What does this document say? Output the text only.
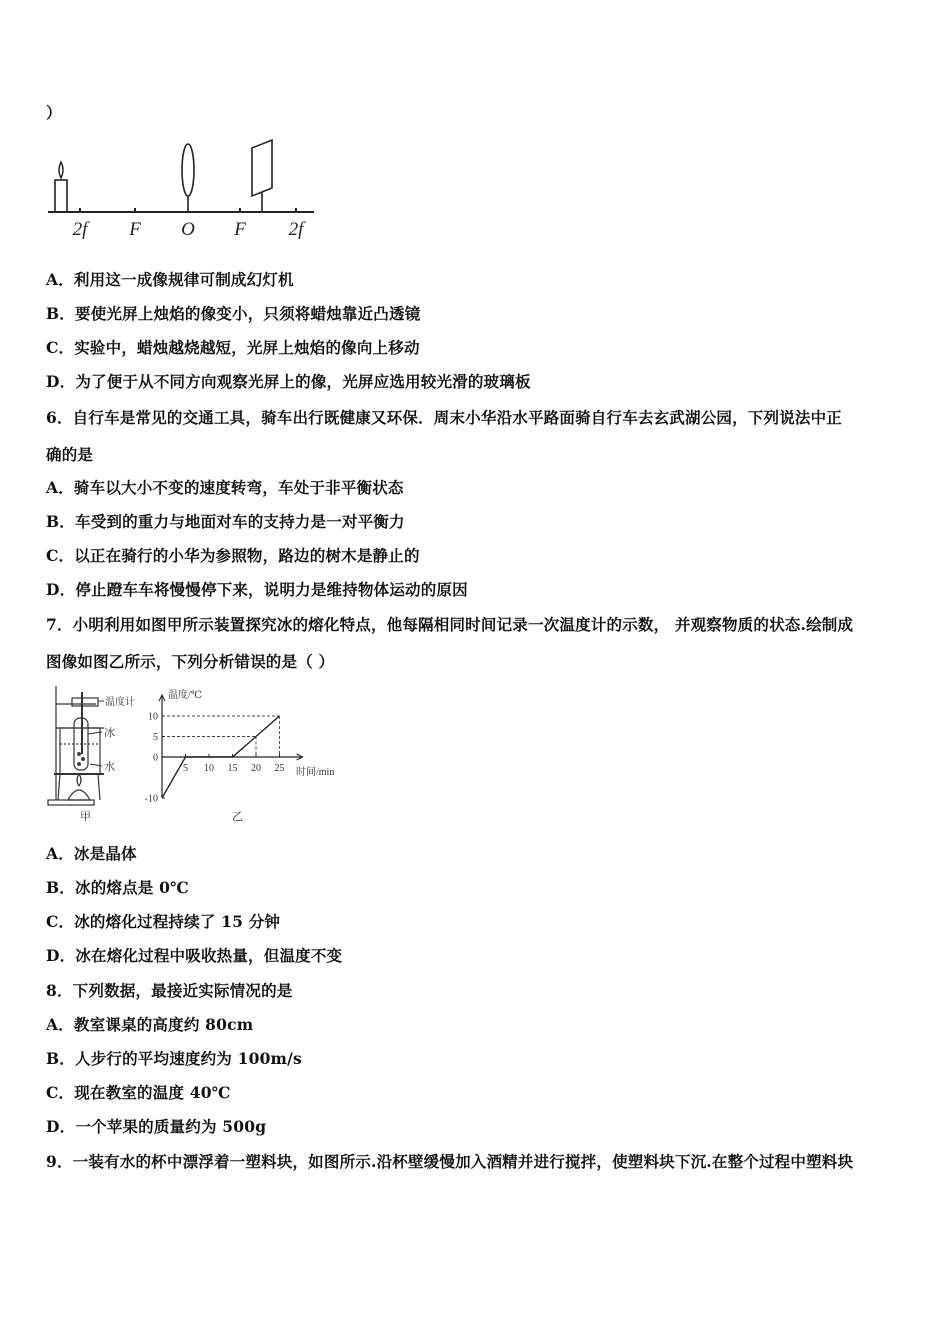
）
2f F O F 2f
A．利用这一成像规律可制成幻灯机
B．要使光屏上烛焰的像变小，只须将蜡烛靠近凸透镜
C．实验中，蜡烛越烧越短，光屏上烛焰的像向上移动
D．为了便于从不同方向观察光屏上的像，光屏应选用较光滑的玻璃板
6．自行车是常见的交通工具，骑车出行既健康又环保．周末小华沿水平路面骑自行车去玄武湖公园，下列说法中正
确的是
A．骑车以大小不变的速度转弯，车处于非平衡状态
B．车受到的重力与地面对车的支持力是一对平衡力
C．以正在骑行的小华为参照物，路边的树木是静止的
D．停止蹬车车将慢慢停下来，说明力是维持物体运动的原因
7．小明利用如图甲所示装置探究冰的熔化特点，他每隔相同时间记录一次温度计的示数， 并观察物质的状态.绘制成
图像如图乙所示，下列分析错误的是（ ）
温度计
冰
水
甲
-10
0
5
10
5 10 15 20 25
温度/℃
时间/min
乙
A．冰是晶体
B．冰的熔点是 0℃
C．冰的熔化过程持续了 15 分钟
D．冰在熔化过程中吸收热量，但温度不变
8．下列数据，最接近实际情况的是
A．教室课桌的高度约 80cm
B．人步行的平均速度约为 100m/s
C．现在教室的温度 40℃
D．一个苹果的质量约为 500g
9．一装有水的杯中漂浮着一塑料块，如图所示.沿杯壁缓慢加入酒精并进行搅拌，使塑料块下沉.在整个过程中塑料块
